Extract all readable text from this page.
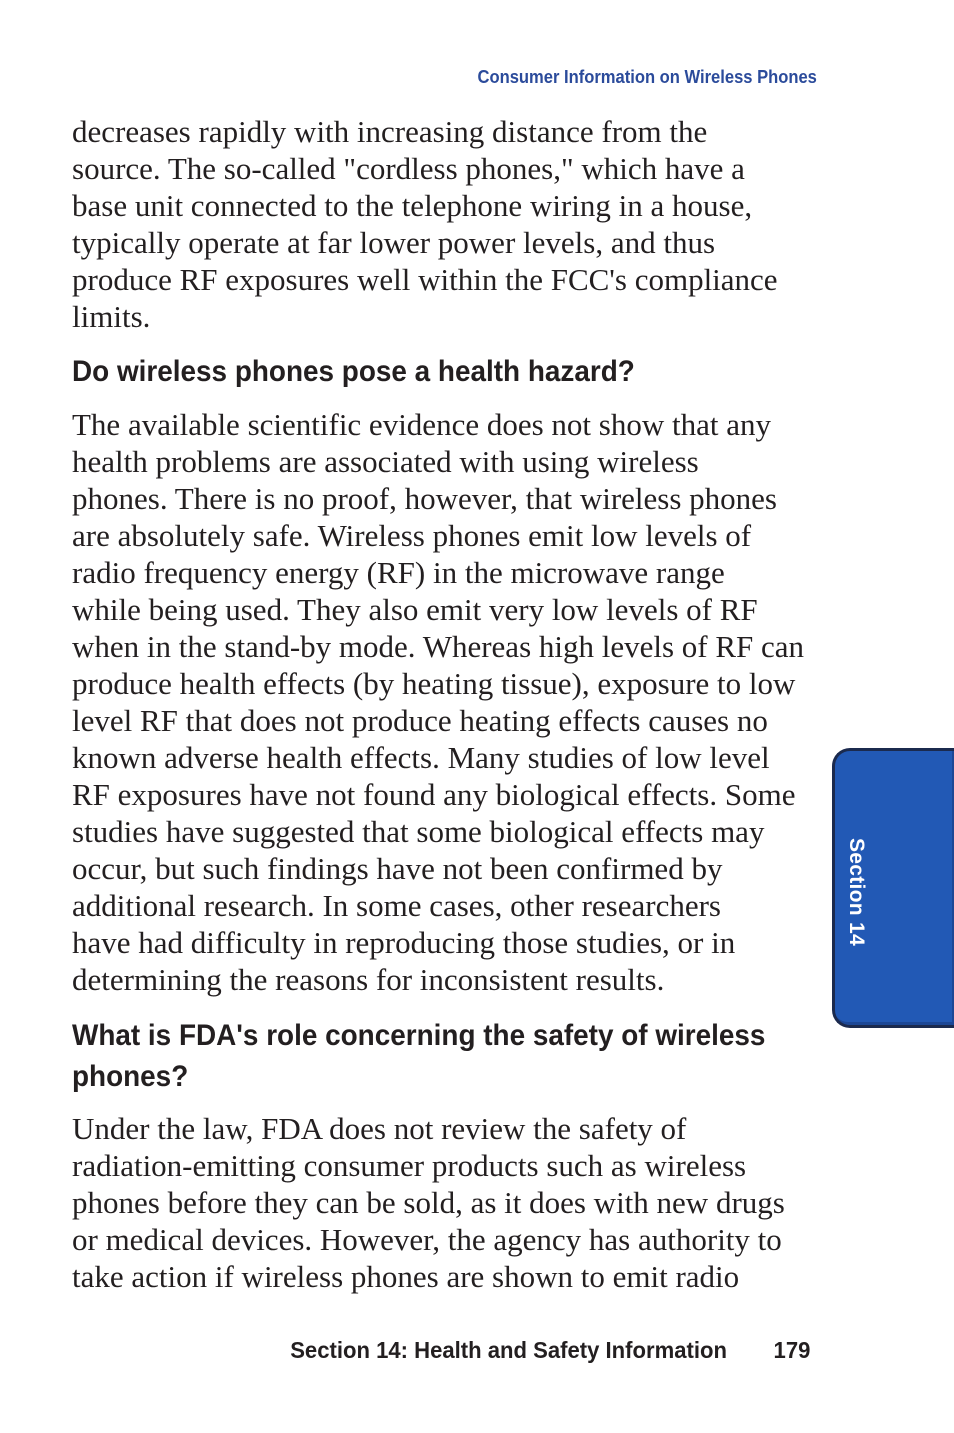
Consumer Information on Wireless Phones
decreases rapidly with increasing distance from the
source. The so-called "cordless phones," which have a
base unit connected to the telephone wiring in a house,
typically operate at far lower power levels, and thus
produce RF exposures well within the FCC's compliance
limits.
Do wireless phones pose a health hazard?
The available scientific evidence does not show that any
health problems are associated with using wireless
phones. There is no proof, however, that wireless phones
are absolutely safe. Wireless phones emit low levels of
radio frequency energy (RF) in the microwave range
while being used. They also emit very low levels of RF
when in the stand-by mode. Whereas high levels of RF can
produce health effects (by heating tissue), exposure to low
level RF that does not produce heating effects causes no
known adverse health effects. Many studies of low level
RF exposures have not found any biological effects. Some
studies have suggested that some biological effects may
occur, but such findings have not been confirmed by
additional research. In some cases, other researchers
have had difficulty in reproducing those studies, or in
determining the reasons for inconsistent results.
What is FDA's role concerning the safety of wireless phones?
Under the law, FDA does not review the safety of
radiation-emitting consumer products such as wireless
phones before they can be sold, as it does with new drugs
or medical devices. However, the agency has authority to
take action if wireless phones are shown to emit radio
Section 14
Section 14: Health and Safety Information 179
